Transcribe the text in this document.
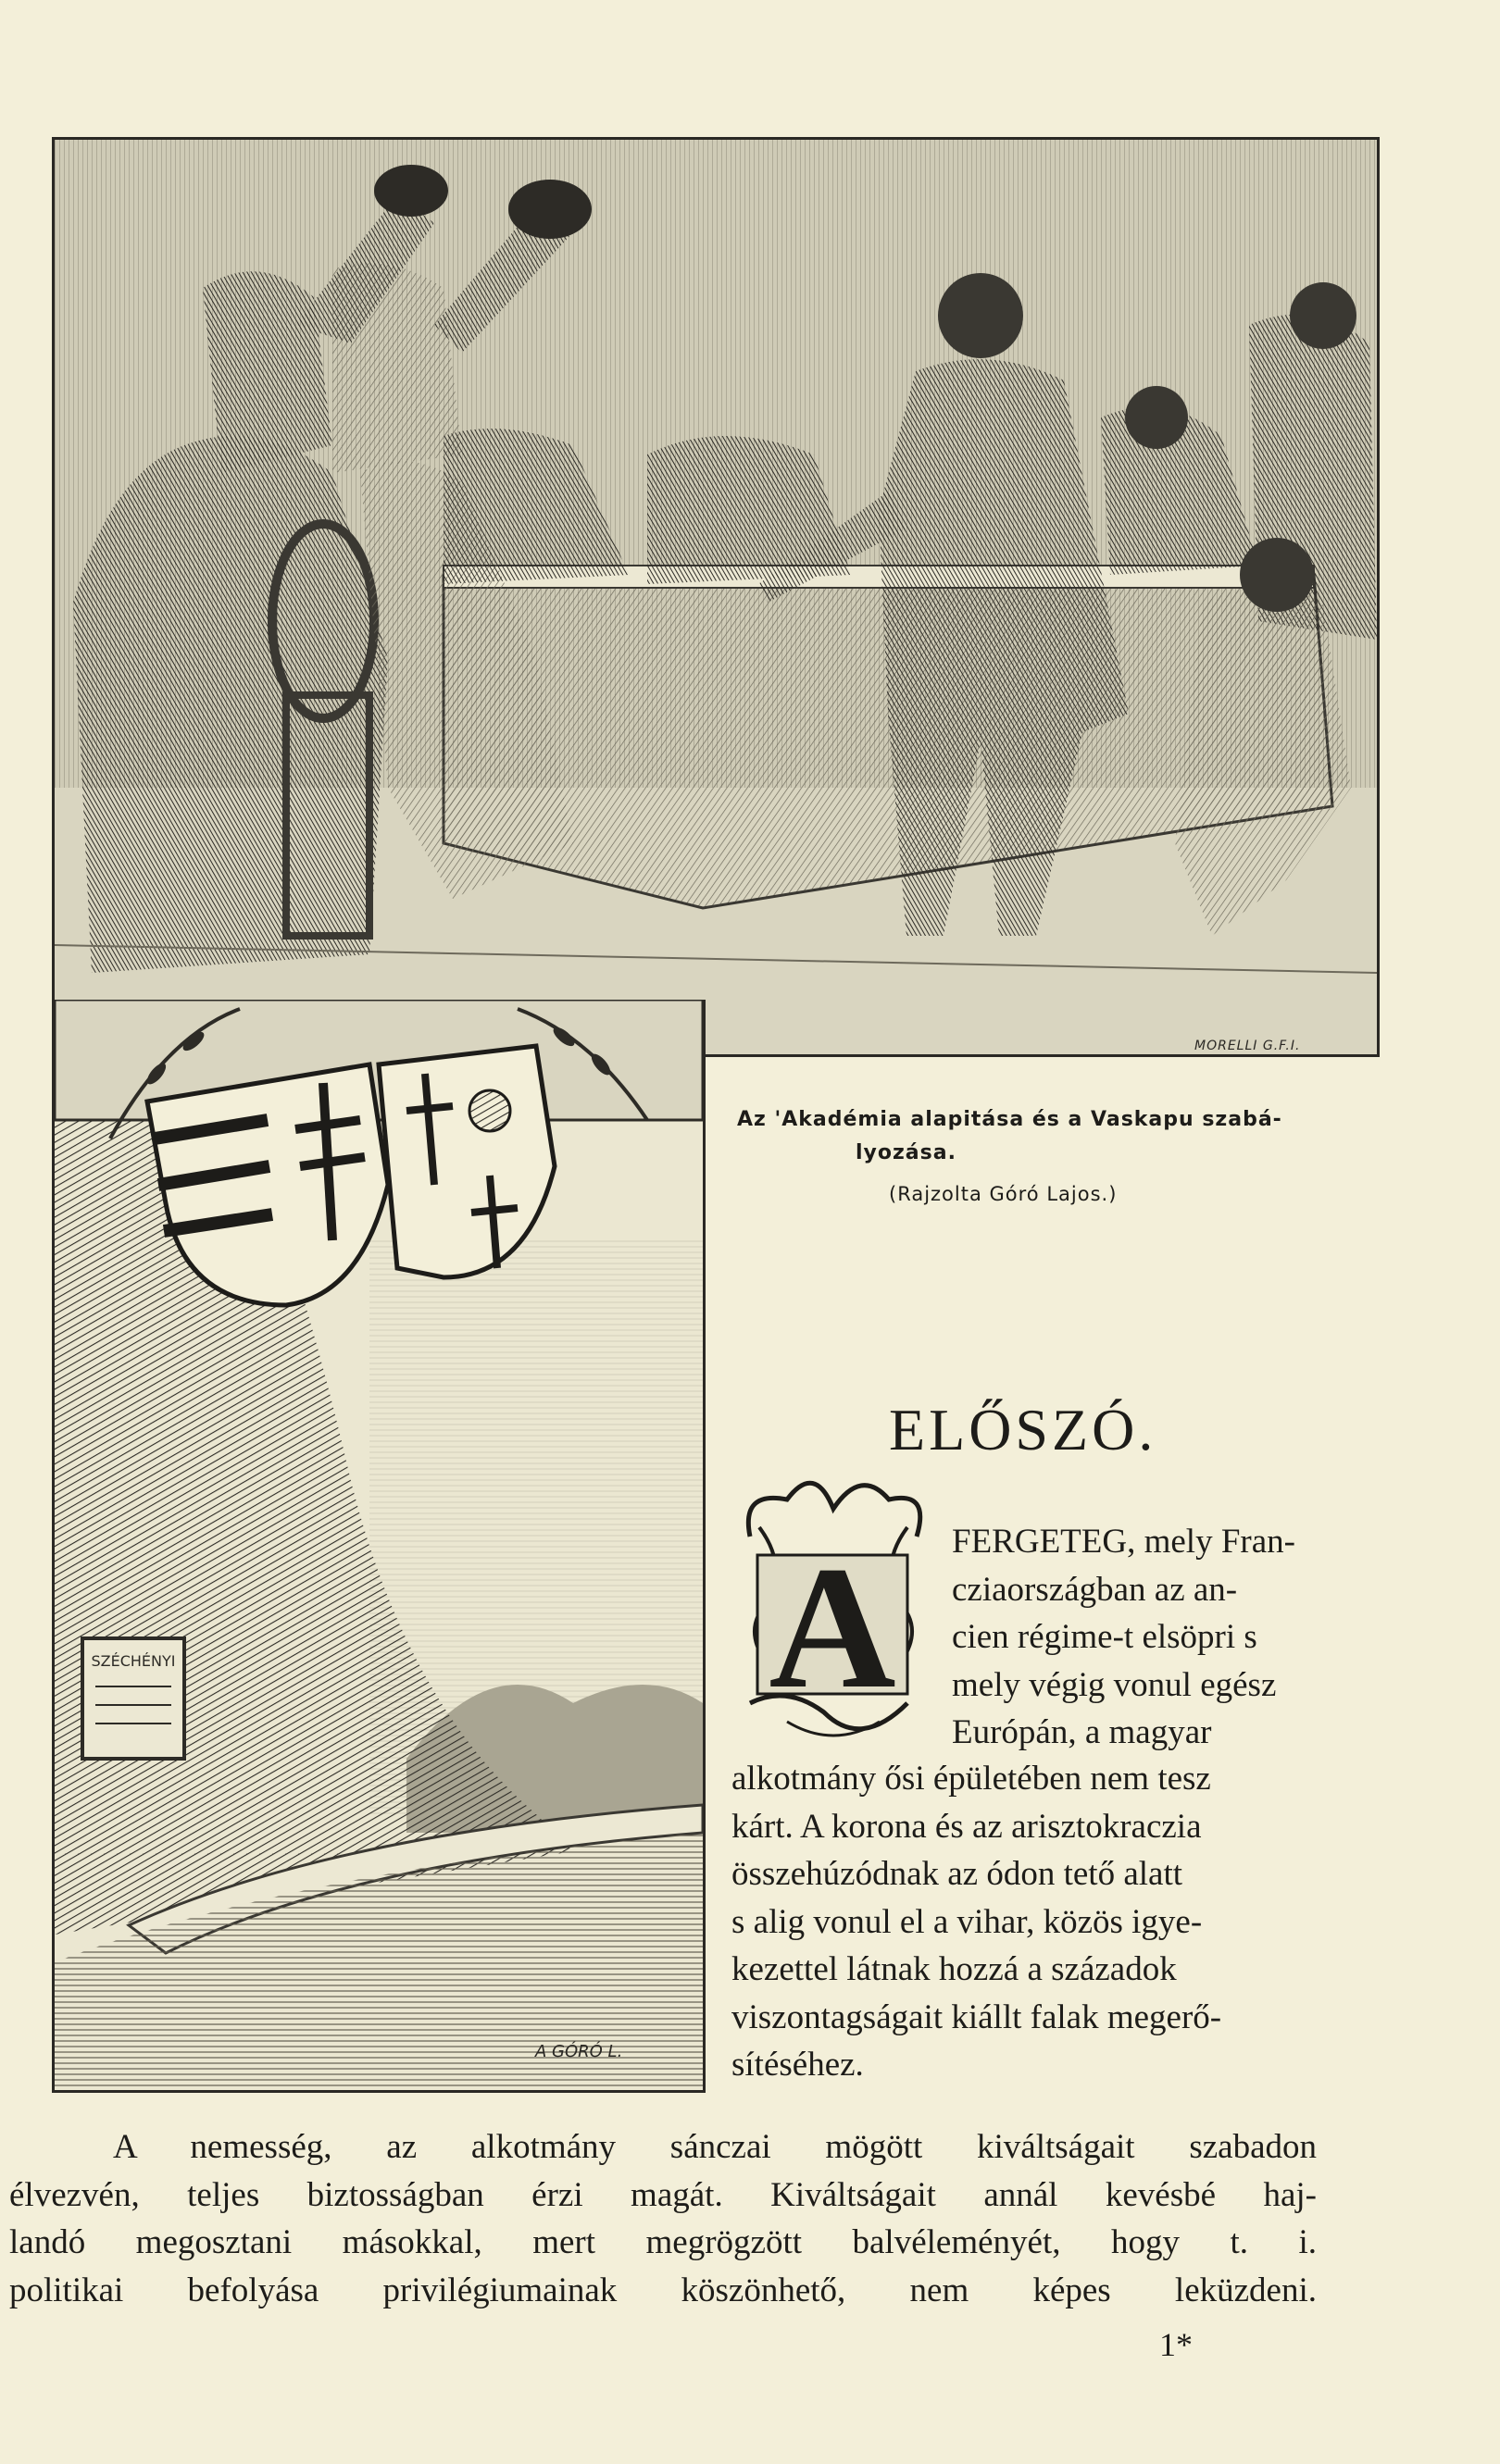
MORELLI G.F.I.
SZÉCHÉNYI
A GÓRÓ L.
Az 'Akadémia alapitása és a Vaskapu szabá-
lyozása.
(Rajzolta Góró Lajos.)
ELŐSZÓ.
A FERGETEG, mely Fran-
cziaországban az an-
cien régime-t elsöpri s
mely végig vonul egész
Európán, a magyar
alkotmány ősi épületében nem tesz
kárt. A korona és az arisztokraczia
összehúzódnak az ódon tető alatt
s alig vonul el a vihar, közös igye-
kezettel látnak hozzá a századok
viszontagságait kiállt falak megerő-
sítéséhez.
A nemesség, az alkotmány sánczai mögött kiváltságait szabadon
élvezvén, teljes biztosságban érzi magát. Kiváltságait annál kevésbé haj-
landó megosztani másokkal, mert megrögzött balvéleményét, hogy t. i.
politikai befolyása privilégiumainak köszönhető, nem képes leküzdeni.
1*
